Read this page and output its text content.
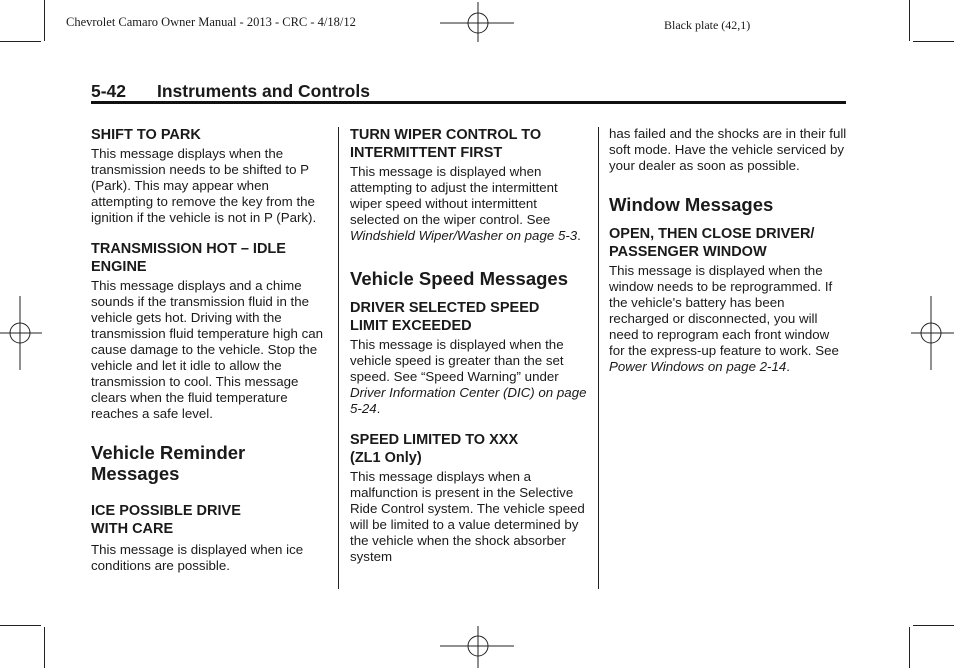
Chevrolet Camaro Owner Manual - 2013 - CRC - 4/18/12	Black plate (42,1)
5-42 Instruments and Controls
SHIFT TO PARK

This message displays when the transmission needs to be shifted to P (Park). This may appear when attempting to remove the key from the ignition if the vehicle is not in P (Park).

TRANSMISSION HOT – IDLE
ENGINE

This message displays and a chime sounds if the transmission fluid in the vehicle gets hot. Driving with the transmission fluid temperature high can cause damage to the vehicle. Stop the vehicle and let it idle to allow the transmission to cool. This message clears when the fluid temperature reaches a safe level.

Vehicle Reminder
Messages
ICE POSSIBLE DRIVE
WITH CARE

This message is displayed when ice conditions are possible.

TURN WIPER CONTROL TO
INTERMITTENT FIRST

This message is displayed when attempting to adjust the intermittent wiper speed without intermittent selected on the wiper control. See Windshield Wiper/Washer on page 5-3.

Vehicle Speed Messages
DRIVER SELECTED SPEED
LIMIT EXCEEDED

This message is displayed when the vehicle speed is greater than the set speed. See “Speed Warning” under Driver Information Center (DIC) on page 5-24.

SPEED LIMITED TO XXX
(ZL1 Only)

This message displays when a malfunction is present in the Selective Ride Control system. The vehicle speed will be limited to a value determined by the vehicle when the shock absorber system

has failed and the shocks are in their full soft mode. Have the vehicle serviced by your dealer as soon as possible.

Window Messages
OPEN, THEN CLOSE DRIVER/
PASSENGER WINDOW

This message is displayed when the window needs to be reprogrammed. If the vehicle's battery has been recharged or disconnected, you will need to reprogram each front window for the express-up feature to work. See Power Windows on page 2-14.
